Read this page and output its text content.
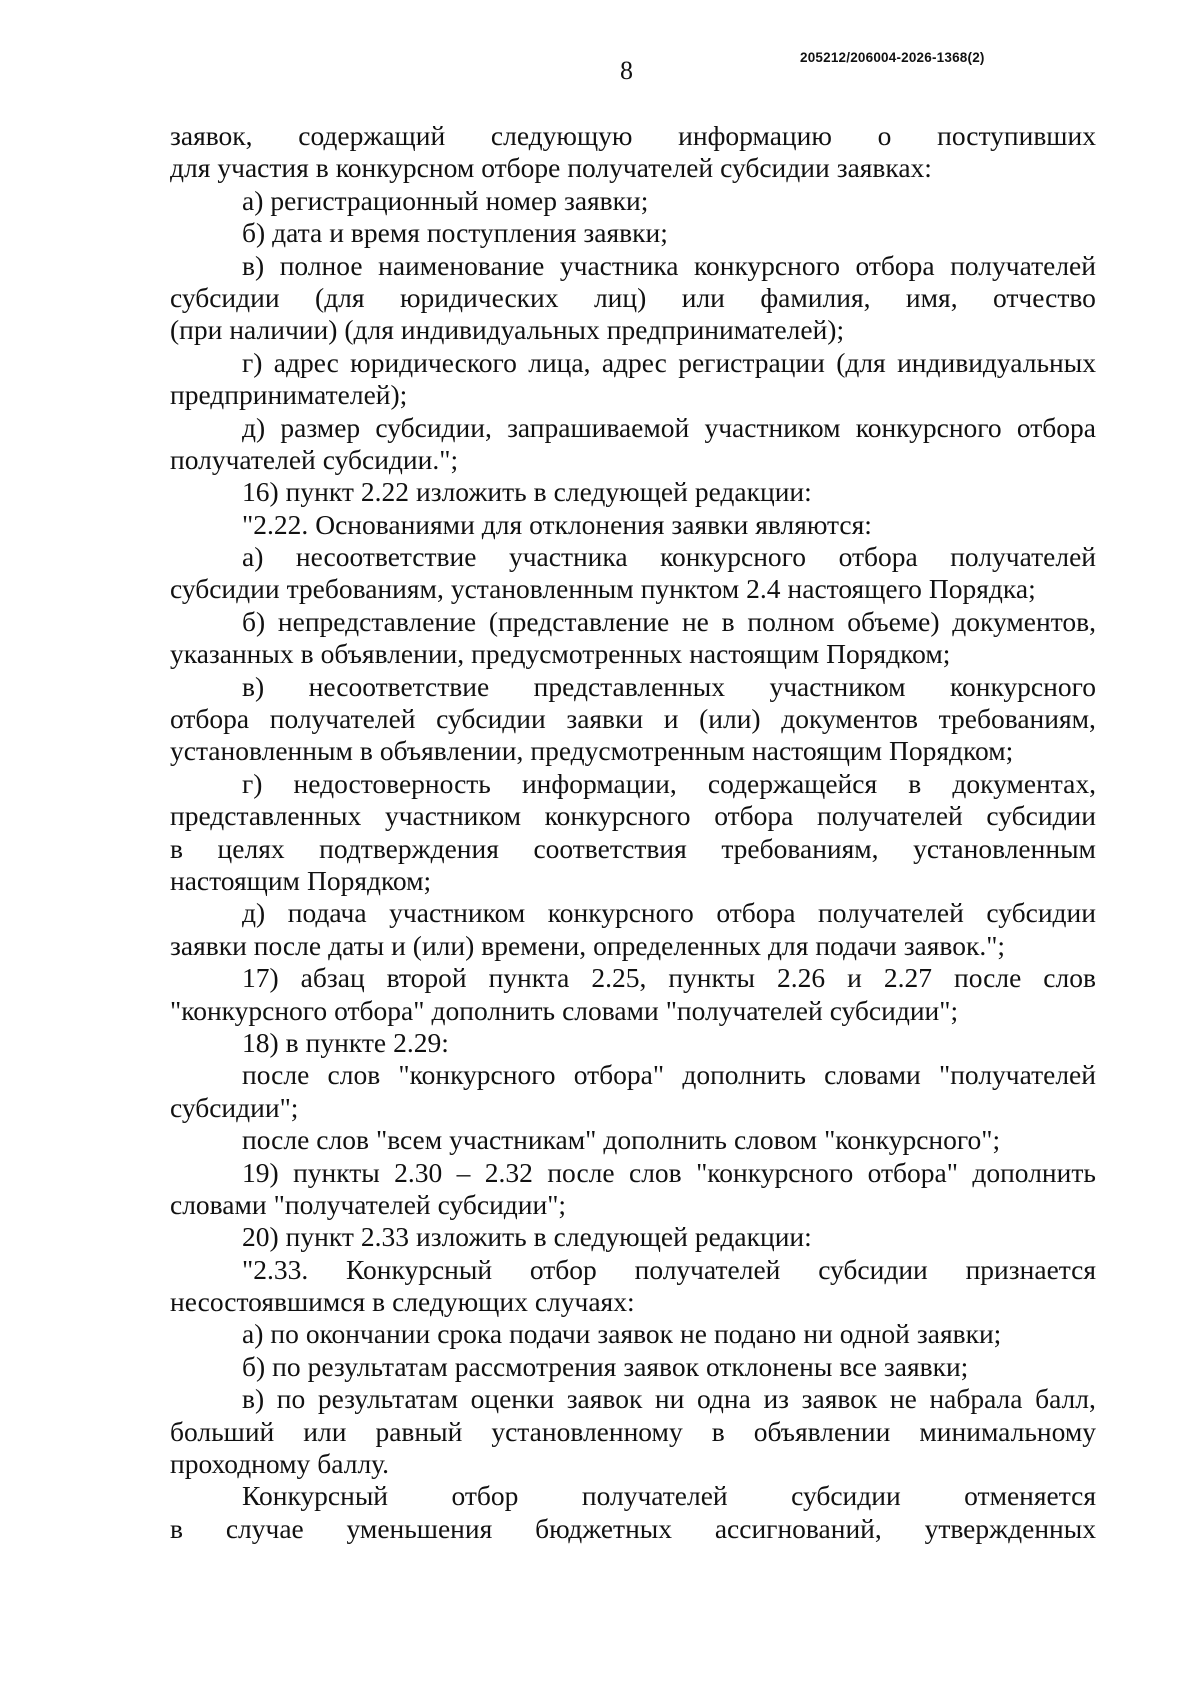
8	205212/206004-2026-1368(2)
заявок, содержащий следующую информацию о поступивших
для участия в конкурсном отборе получателей субсидии заявках:
а) регистрационный номер заявки;
б) дата и время поступления заявки;
в) полное наименование участника конкурсного отбора получателей
субсидии (для юридических лиц) или фамилия, имя, отчество
(при наличии) (для индивидуальных предпринимателей);
г) адрес юридического лица, адрес регистрации (для индивидуальных
предпринимателей);
д) размер субсидии, запрашиваемой участником конкурсного отбора
получателей субсидии.";
16) пункт 2.22 изложить в следующей редакции:
"2.22. Основаниями для отклонения заявки являются:
а) несоответствие участника конкурсного отбора получателей
субсидии требованиям, установленным пунктом 2.4 настоящего Порядка;
б) непредставление (представление не в полном объеме) документов,
указанных в объявлении, предусмотренных настоящим Порядком;
в) несоответствие представленных участником конкурсного
отбора получателей субсидии заявки и (или) документов требованиям,
установленным в объявлении, предусмотренным настоящим Порядком;
г) недостоверность информации, содержащейся в документах,
представленных участником конкурсного отбора получателей субсидии
в целях подтверждения соответствия требованиям, установленным
настоящим Порядком;
д) подача участником конкурсного отбора получателей субсидии
заявки после даты и (или) времени, определенных для подачи заявок.";
17) абзац второй пункта 2.25, пункты 2.26 и 2.27 после слов
"конкурсного отбора" дополнить словами "получателей субсидии";
18) в пункте 2.29:
после слов "конкурсного отбора" дополнить словами "получателей
субсидии";
после слов "всем участникам" дополнить словом "конкурсного";
19) пункты 2.30 – 2.32 после слов "конкурсного отбора" дополнить
словами "получателей субсидии";
20) пункт 2.33 изложить в следующей редакции:
"2.33. Конкурсный отбор получателей субсидии признается
несостоявшимся в следующих случаях:
а) по окончании срока подачи заявок не подано ни одной заявки;
б) по результатам рассмотрения заявок отклонены все заявки;
в) по результатам оценки заявок ни одна из заявок не набрала балл,
больший или равный установленному в объявлении минимальному
проходному баллу.
Конкурсный отбор получателей субсидии отменяется
в случае уменьшения бюджетных ассигнований, утвержденных
